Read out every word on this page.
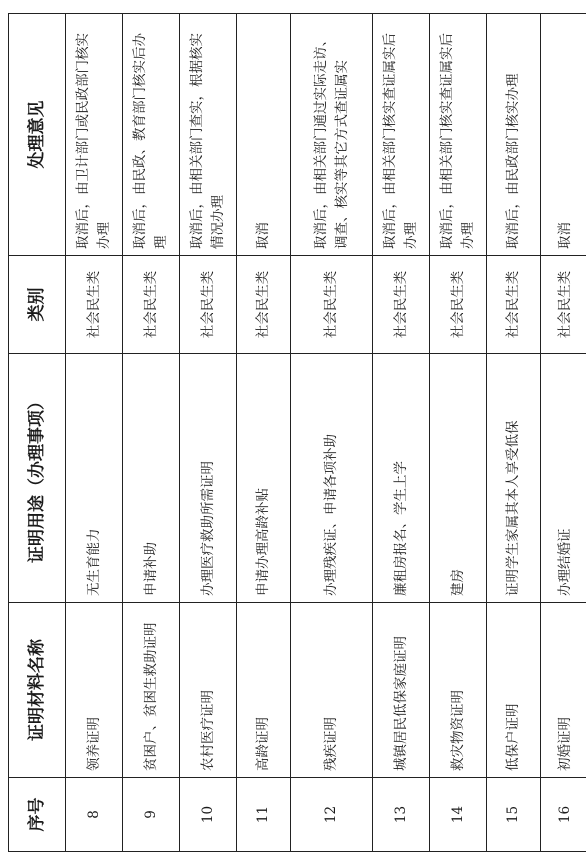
序号	证明材料名称	证明用途（办理事项）	类别	处理意见
8	领养证明	无生育能力	社会民生类	取消后，由卫计部门或民政部门核实办理
9	贫困户、贫困生救助证明	申请补助	社会民生类	取消后，由民政、教育部门核实后办理
10	农村医疗证明	办理医疗救助所需证明	社会民生类	取消后，由相关部门查实，根据核实情况办理
11	高龄证明	申请办理高龄补贴	社会民生类	取消
12	残疾证明	办理残疾证、申请各项补助	社会民生类	取消后，由相关部门通过实际走访、调查、核实等其它方式查证属实
13	城镇居民低保家庭证明	廉租房报名、学生上学	社会民生类	取消后，由相关部门核实查证属实后办理
14	救灾物资证明	建房	社会民生类	取消后，由相关部门核实查证属实后办理
15	低保户证明	证明学生家属其本人享受低保	社会民生类	取消后，由民政部门核实办理
16	初婚证明	办理结婚证	社会民生类	取消
